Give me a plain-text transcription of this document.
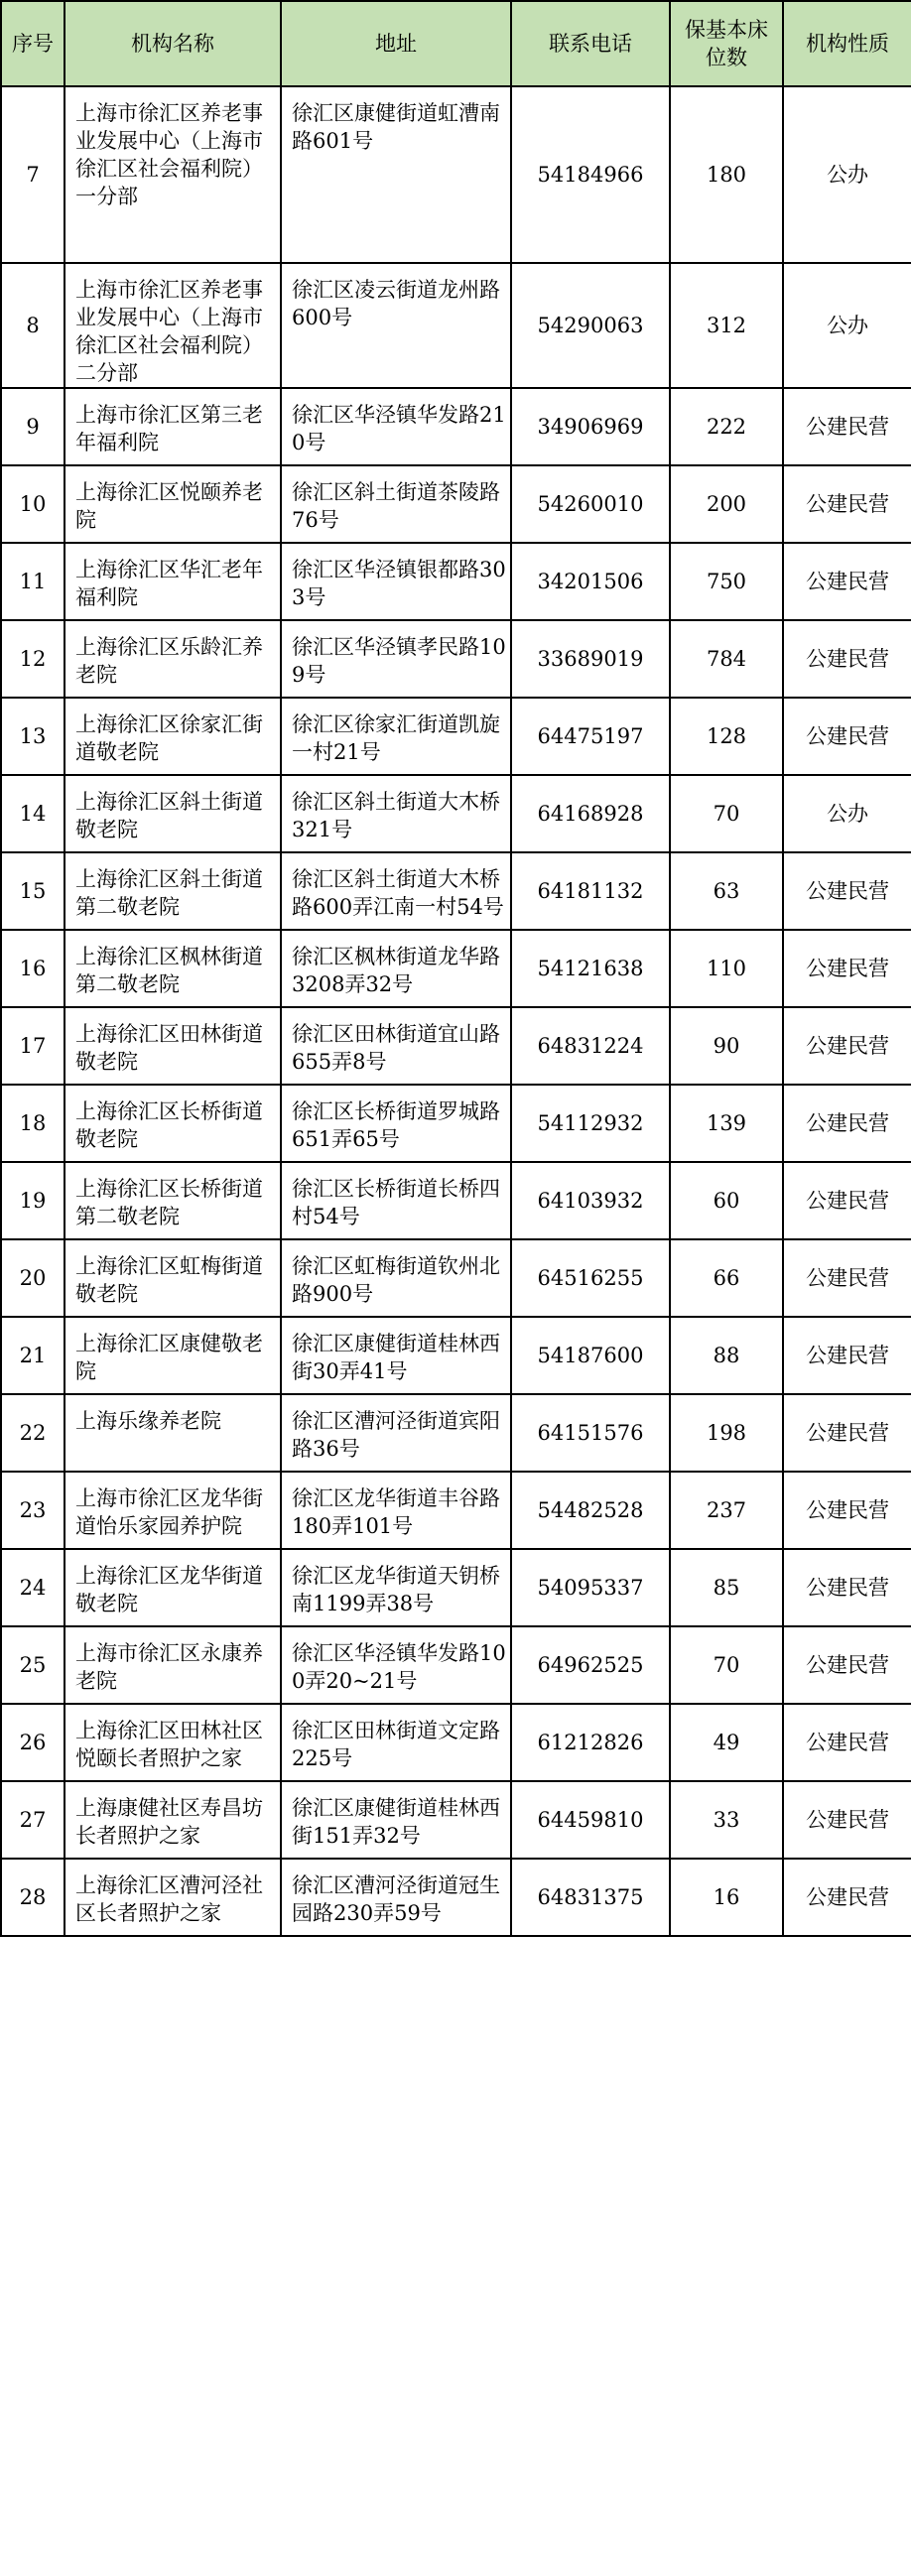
序号	机构名称	地址	联系电话	保基本床位数	机构性质
7	上海市徐汇区养老事业发展中心（上海市徐汇区社会福利院）一分部	徐汇区康健街道虹漕南路601号	54184966	180	公办
8	上海市徐汇区养老事业发展中心（上海市徐汇区社会福利院）二分部	徐汇区凌云街道龙州路600号	54290063	312	公办
9	上海市徐汇区第三老年福利院	徐汇区华泾镇华发路210号	34906969	222	公建民营
10	上海徐汇区悦颐养老院	徐汇区斜土街道茶陵路76号	54260010	200	公建民营
11	上海徐汇区华汇老年福利院	徐汇区华泾镇银都路303号	34201506	750	公建民营
12	上海徐汇区乐龄汇养老院	徐汇区华泾镇孝民路109号	33689019	784	公建民营
13	上海徐汇区徐家汇街道敬老院	徐汇区徐家汇街道凯旋一村21号	64475197	128	公建民营
14	上海徐汇区斜土街道敬老院	徐汇区斜土街道大木桥321号	64168928	70	公办
15	上海徐汇区斜土街道第二敬老院	徐汇区斜土街道大木桥路600弄江南一村54号	64181132	63	公建民营
16	上海徐汇区枫林街道第二敬老院	徐汇区枫林街道龙华路3208弄32号	54121638	110	公建民营
17	上海徐汇区田林街道敬老院	徐汇区田林街道宜山路655弄8号	64831224	90	公建民营
18	上海徐汇区长桥街道敬老院	徐汇区长桥街道罗城路651弄65号	54112932	139	公建民营
19	上海徐汇区长桥街道第二敬老院	徐汇区长桥街道长桥四村54号	64103932	60	公建民营
20	上海徐汇区虹梅街道敬老院	徐汇区虹梅街道钦州北路900号	64516255	66	公建民营
21	上海徐汇区康健敬老院	徐汇区康健街道桂林西街30弄41号	54187600	88	公建民营
22	上海乐缘养老院	徐汇区漕河泾街道宾阳路36号	64151576	198	公建民营
23	上海市徐汇区龙华街道怡乐家园养护院	徐汇区龙华街道丰谷路180弄101号	54482528	237	公建民营
24	上海徐汇区龙华街道敬老院	徐汇区龙华街道天钥桥南1199弄38号	54095337	85	公建民营
25	上海市徐汇区永康养老院	徐汇区华泾镇华发路100弄20~21号	64962525	70	公建民营
26	上海徐汇区田林社区悦颐长者照护之家	徐汇区田林街道文定路225号	61212826	49	公建民营
27	上海康健社区寿昌坊长者照护之家	徐汇区康健街道桂林西街151弄32号	64459810	33	公建民营
28	上海徐汇区漕河泾社区长者照护之家	徐汇区漕河泾街道冠生园路230弄59号	64831375	16	公建民营
